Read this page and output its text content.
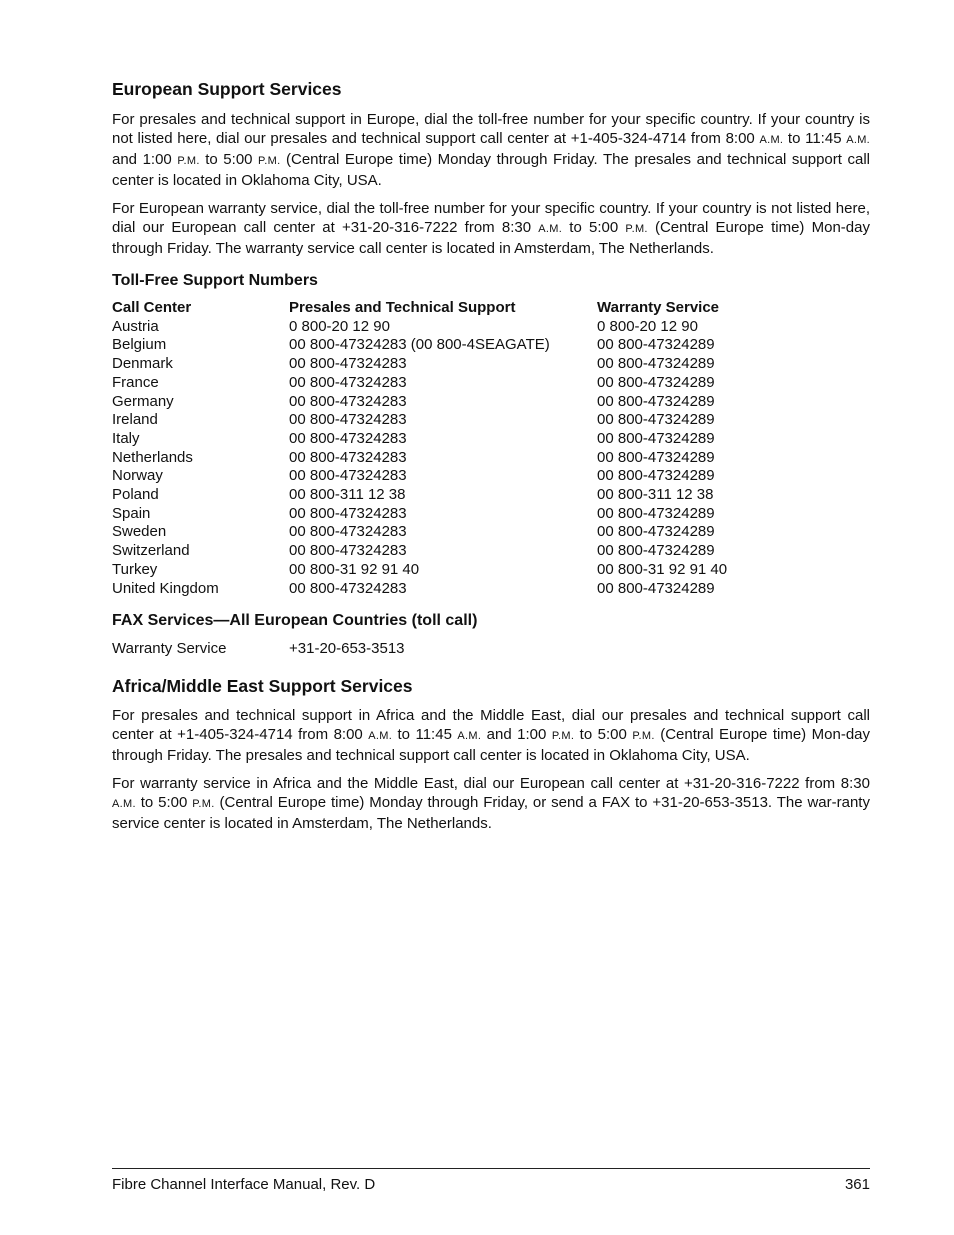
European Support Services

For presales and technical support in Europe, dial the toll-free number for your specific country. If your country is not listed here, dial our presales and technical support call center at +1-405-324-4714 from 8:00 A.M. to 11:45 A.M. and 1:00 P.M. to 5:00 P.M. (Central Europe time) Monday through Friday. The presales and technical support call center is located in Oklahoma City, USA.

For European warranty service, dial the toll-free number for your specific country. If your country is not listed here, dial our European call center at +31-20-316-7222 from 8:30 A.M. to 5:00 P.M. (Central Europe time) Mon-day through Friday. The warranty service call center is located in Amsterdam, The Netherlands.

Toll-Free Support Numbers
Call Center	Presales and Technical Support	Warranty Service
Austria	0 800-20 12 90	0 800-20 12 90
Belgium	00 800-47324283 (00 800-4SEAGATE)	00 800-47324289
Denmark	00 800-47324283	00 800-47324289
France	00 800-47324283	00 800-47324289
Germany	00 800-47324283	00 800-47324289
Ireland	00 800-47324283	00 800-47324289
Italy	00 800-47324283	00 800-47324289
Netherlands	00 800-47324283	00 800-47324289
Norway	00 800-47324283	00 800-47324289
Poland	00 800-311 12 38	00 800-311 12 38
Spain	00 800-47324283	00 800-47324289
Sweden	00 800-47324283	00 800-47324289
Switzerland	00 800-47324283	00 800-47324289
Turkey	00 800-31 92 91 40	00 800-31 92 91 40
United Kingdom	00 800-47324283	00 800-47324289
FAX Services—All European Countries (toll call)
Warranty Service	+31-20-653-3513
Africa/Middle East Support Services

For presales and technical support in Africa and the Middle East, dial our presales and technical support call center at +1-405-324-4714 from 8:00 A.M. to 11:45 A.M. and 1:00 P.M. to 5:00 P.M. (Central Europe time) Mon-day through Friday. The presales and technical support call center is located in Oklahoma City, USA.

For warranty service in Africa and the Middle East, dial our European call center at +31-20-316-7222 from 8:30 A.M. to 5:00 P.M. (Central Europe time) Monday through Friday, or send a FAX to +31-20-653-3513. The war-ranty service center is located in Amsterdam, The Netherlands.

Fibre Channel Interface Manual, Rev. D	361
